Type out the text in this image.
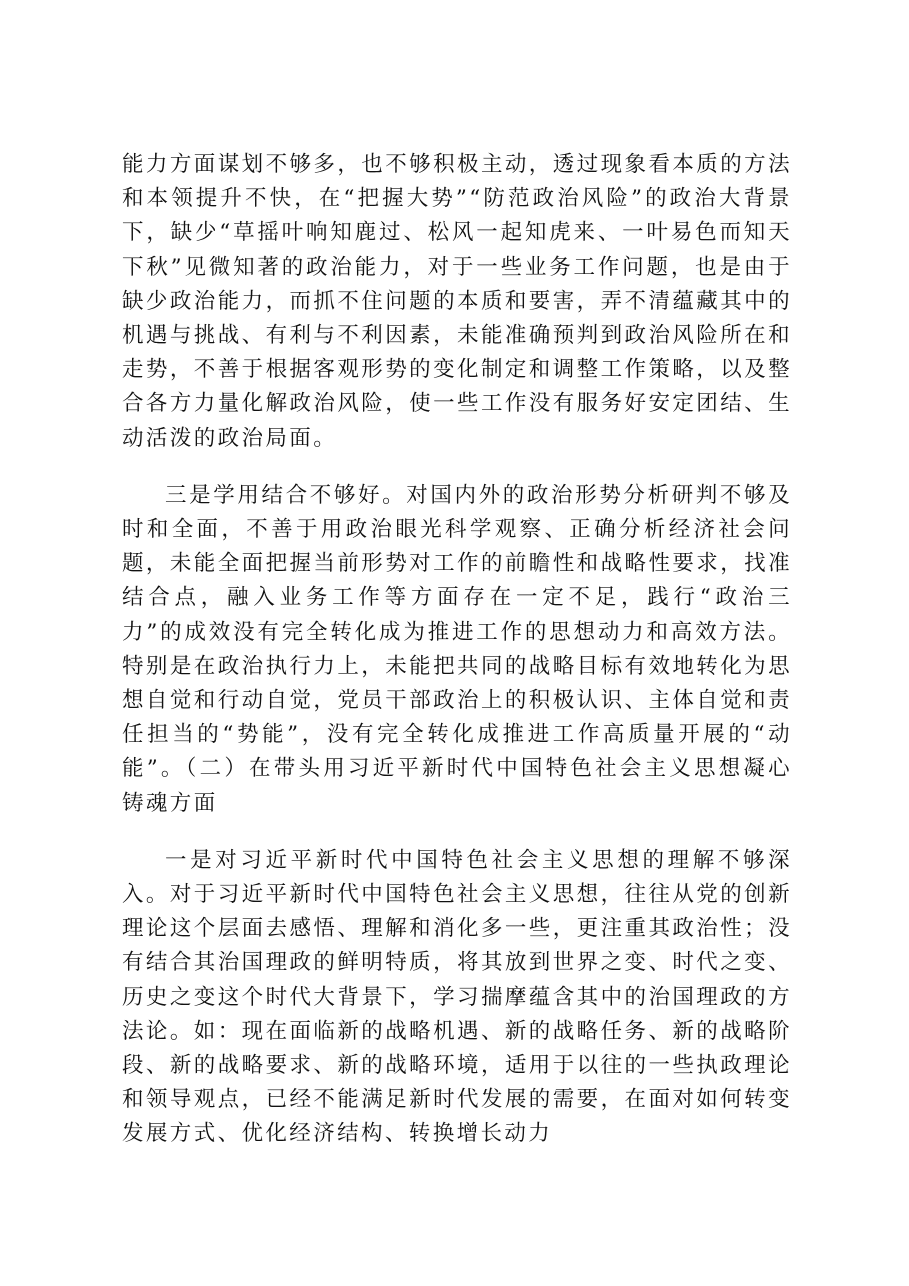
能力方面谋划不够多，也不够积极主动，透过现象看本质的方法和本领提升不快，在“把握大势”“防范政治风险”的政治大背景下，缺少“草摇叶响知鹿过、松风一起知虎来、一叶易色而知天下秋”见微知著的政治能力，对于一些业务工作问题，也是由于缺少政治能力，而抓不住问题的本质和要害，弄不清蕴藏其中的机遇与挑战、有利与不利因素，未能准确预判到政治风险所在和走势，不善于根据客观形势的变化制定和调整工作策略，以及整合各方力量化解政治风险，使一些工作没有服务好安定团结、生动活泼的政治局面。

三是学用结合不够好。对国内外的政治形势分析研判不够及时和全面，不善于用政治眼光科学观察、正确分析经济社会问题，未能全面把握当前形势对工作的前瞻性和战略性要求，找准结合点，融入业务工作等方面存在一定不足，践行“政治三力”的成效没有完全转化成为推进工作的思想动力和高效方法。特别是在政治执行力上，未能把共同的战略目标有效地转化为思想自觉和行动自觉，党员干部政治上的积极认识、主体自觉和责任担当的“势能”，没有完全转化成推进工作高质量开展的“动能”。（二）在带头用习近平新时代中国特色社会主义思想凝心铸魂方面

一是对习近平新时代中国特色社会主义思想的理解不够深入。对于习近平新时代中国特色社会主义思想，往往从党的创新理论这个层面去感悟、理解和消化多一些，更注重其政治性；没有结合其治国理政的鲜明特质，将其放到世界之变、时代之变、历史之变这个时代大背景下，学习揣摩蕴含其中的治国理政的方法论。如：现在面临新的战略机遇、新的战略任务、新的战略阶段、新的战略要求、新的战略环境，适用于以往的一些执政理论和领导观点，已经不能满足新时代发展的需要，在面对如何转变发展方式、优化经济结构、转换增长动力
